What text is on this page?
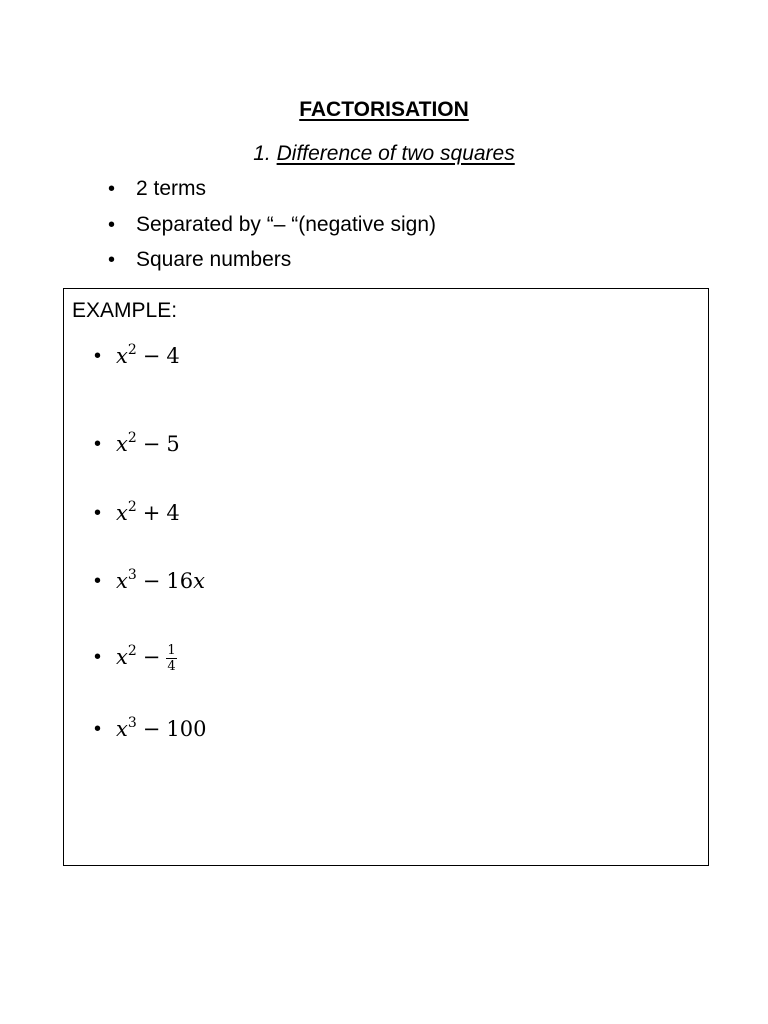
FACTORISATION
1. Difference of two squares
• 2 terms
• Separated by “– “(negative sign)
• Square numbers
EXAMPLE:
• $x^2 - 4$
• $x^2 - 5$
• $x^2 + 4$
• $x^3 - 16x$
• $x^2 - \frac{1}{4}$
• $x^3 - 100$
